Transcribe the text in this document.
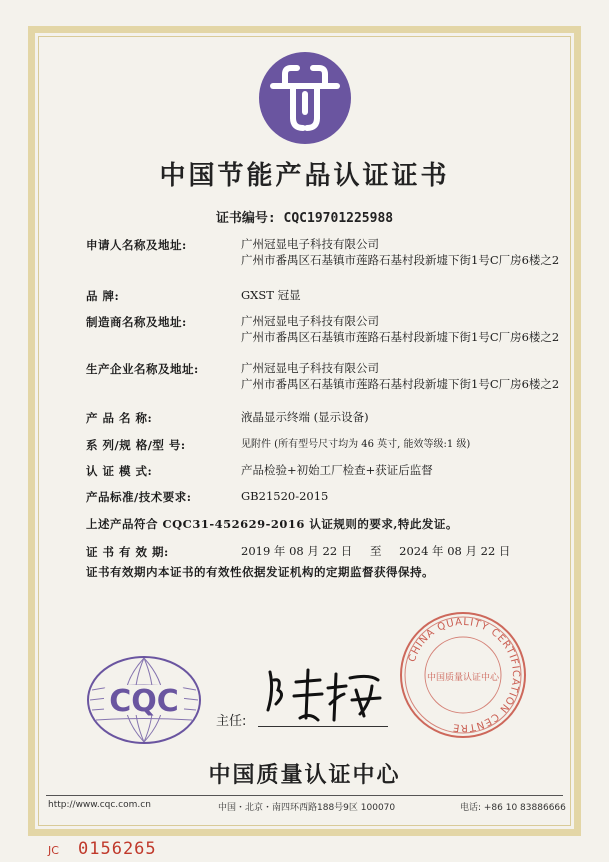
中国节能产品认证证书
证书编号: CQC19701225988
申请人名称及地址:	广州冠显电子科技有限公司
广州市番禺区石基镇市莲路石基村段新墟下街1号C厂房6楼之2
品 牌:	GXST 冠显
制造商名称及地址:	广州冠显电子科技有限公司
广州市番禺区石基镇市莲路石基村段新墟下街1号C厂房6楼之2
生产企业名称及地址:	广州冠显电子科技有限公司
广州市番禺区石基镇市莲路石基村段新墟下街1号C厂房6楼之2
产 品 名 称:	液晶显示终端 (显示设备)
系 列/规 格/型 号:	见附件 (所有型号尺寸均为 46 英寸, 能效等级:1 级)
认 证 模 式:	产品检验+初始工厂检查+获证后监督
产品标准/技术要求:	GB21520-2015
上述产品符合 CQC31-452629-2016 认证规则的要求,特此发证。
证 书 有 效 期:	2019 年 08 月 22 日 至 2024 年 08 月 22 日
证书有效期内本证书的有效性依据发证机构的定期监督获得保持。
CQC
主任:
CHINA QUALITY CERTIFICATION CENTRE
中国质量认证中心
中国质量认证中心
http://www.cqc.com.cn	中国・北京・南四环西路188号9区 100070	电话: +86 10 83886666
JC 0156265
